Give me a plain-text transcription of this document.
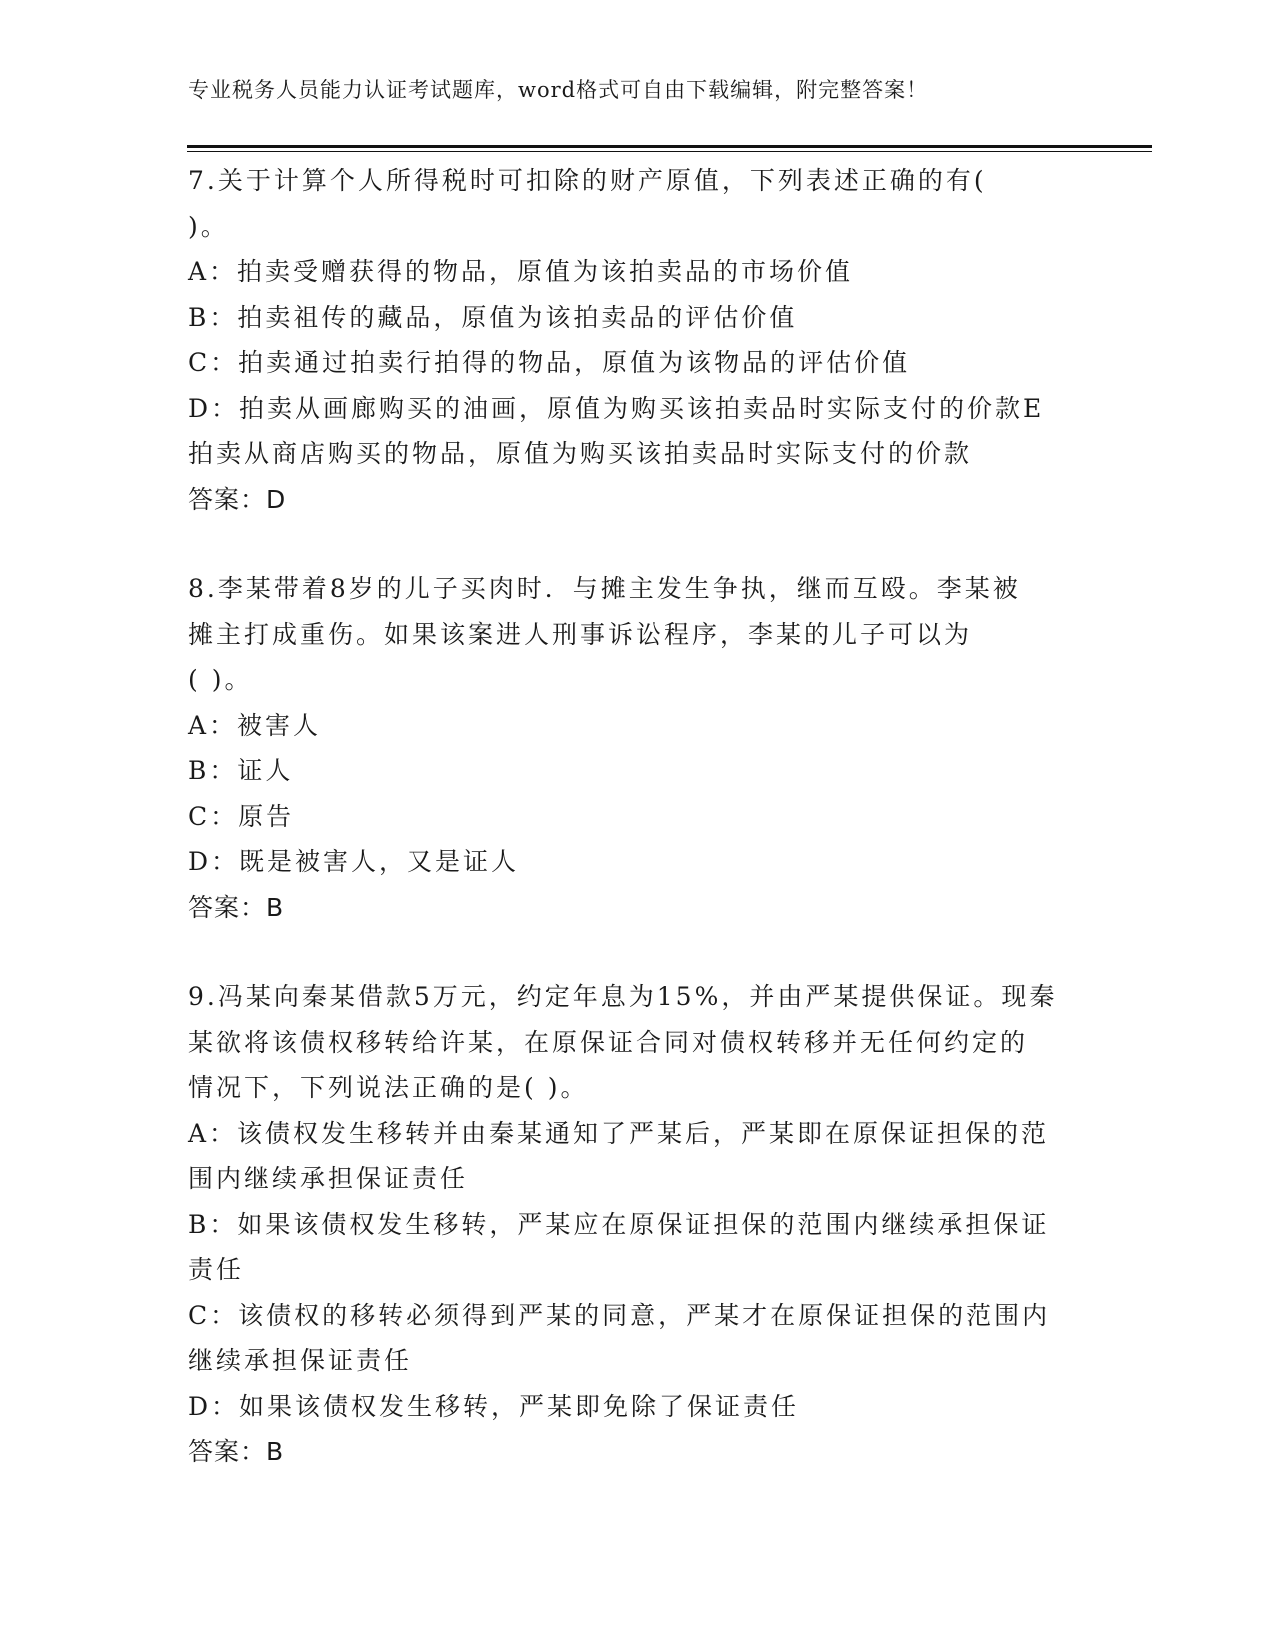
专业税务人员能力认证考试题库，word格式可自由下载编辑，附完整答案！
7.关于计算个人所得税时可扣除的财产原值，下列表述正确的有(
)。
A：拍卖受赠获得的物品，原值为该拍卖品的市场价值
B：拍卖祖传的藏品，原值为该拍卖品的评估价值
C：拍卖通过拍卖行拍得的物品，原值为该物品的评估价值
D：拍卖从画廊购买的油画，原值为购买该拍卖品时实际支付的价款E
拍卖从商店购买的物品，原值为购买该拍卖品时实际支付的价款
答案：D
8.李某带着8岁的儿子买肉时．与摊主发生争执，继而互殴。李某被
摊主打成重伤。如果该案进人刑事诉讼程序，李某的儿子可以为
( )。
A：被害人
B：证人
C：原告
D：既是被害人，又是证人
答案：B
9.冯某向秦某借款5万元，约定年息为15%，并由严某提供保证。现秦
某欲将该债权移转给许某，在原保证合同对债权转移并无任何约定的
情况下，下列说法正确的是( )。
A：该债权发生移转并由秦某通知了严某后，严某即在原保证担保的范
围内继续承担保证责任
B：如果该债权发生移转，严某应在原保证担保的范围内继续承担保证
责任
C：该债权的移转必须得到严某的同意，严某才在原保证担保的范围内
继续承担保证责任
D：如果该债权发生移转，严某即免除了保证责任
答案：B
